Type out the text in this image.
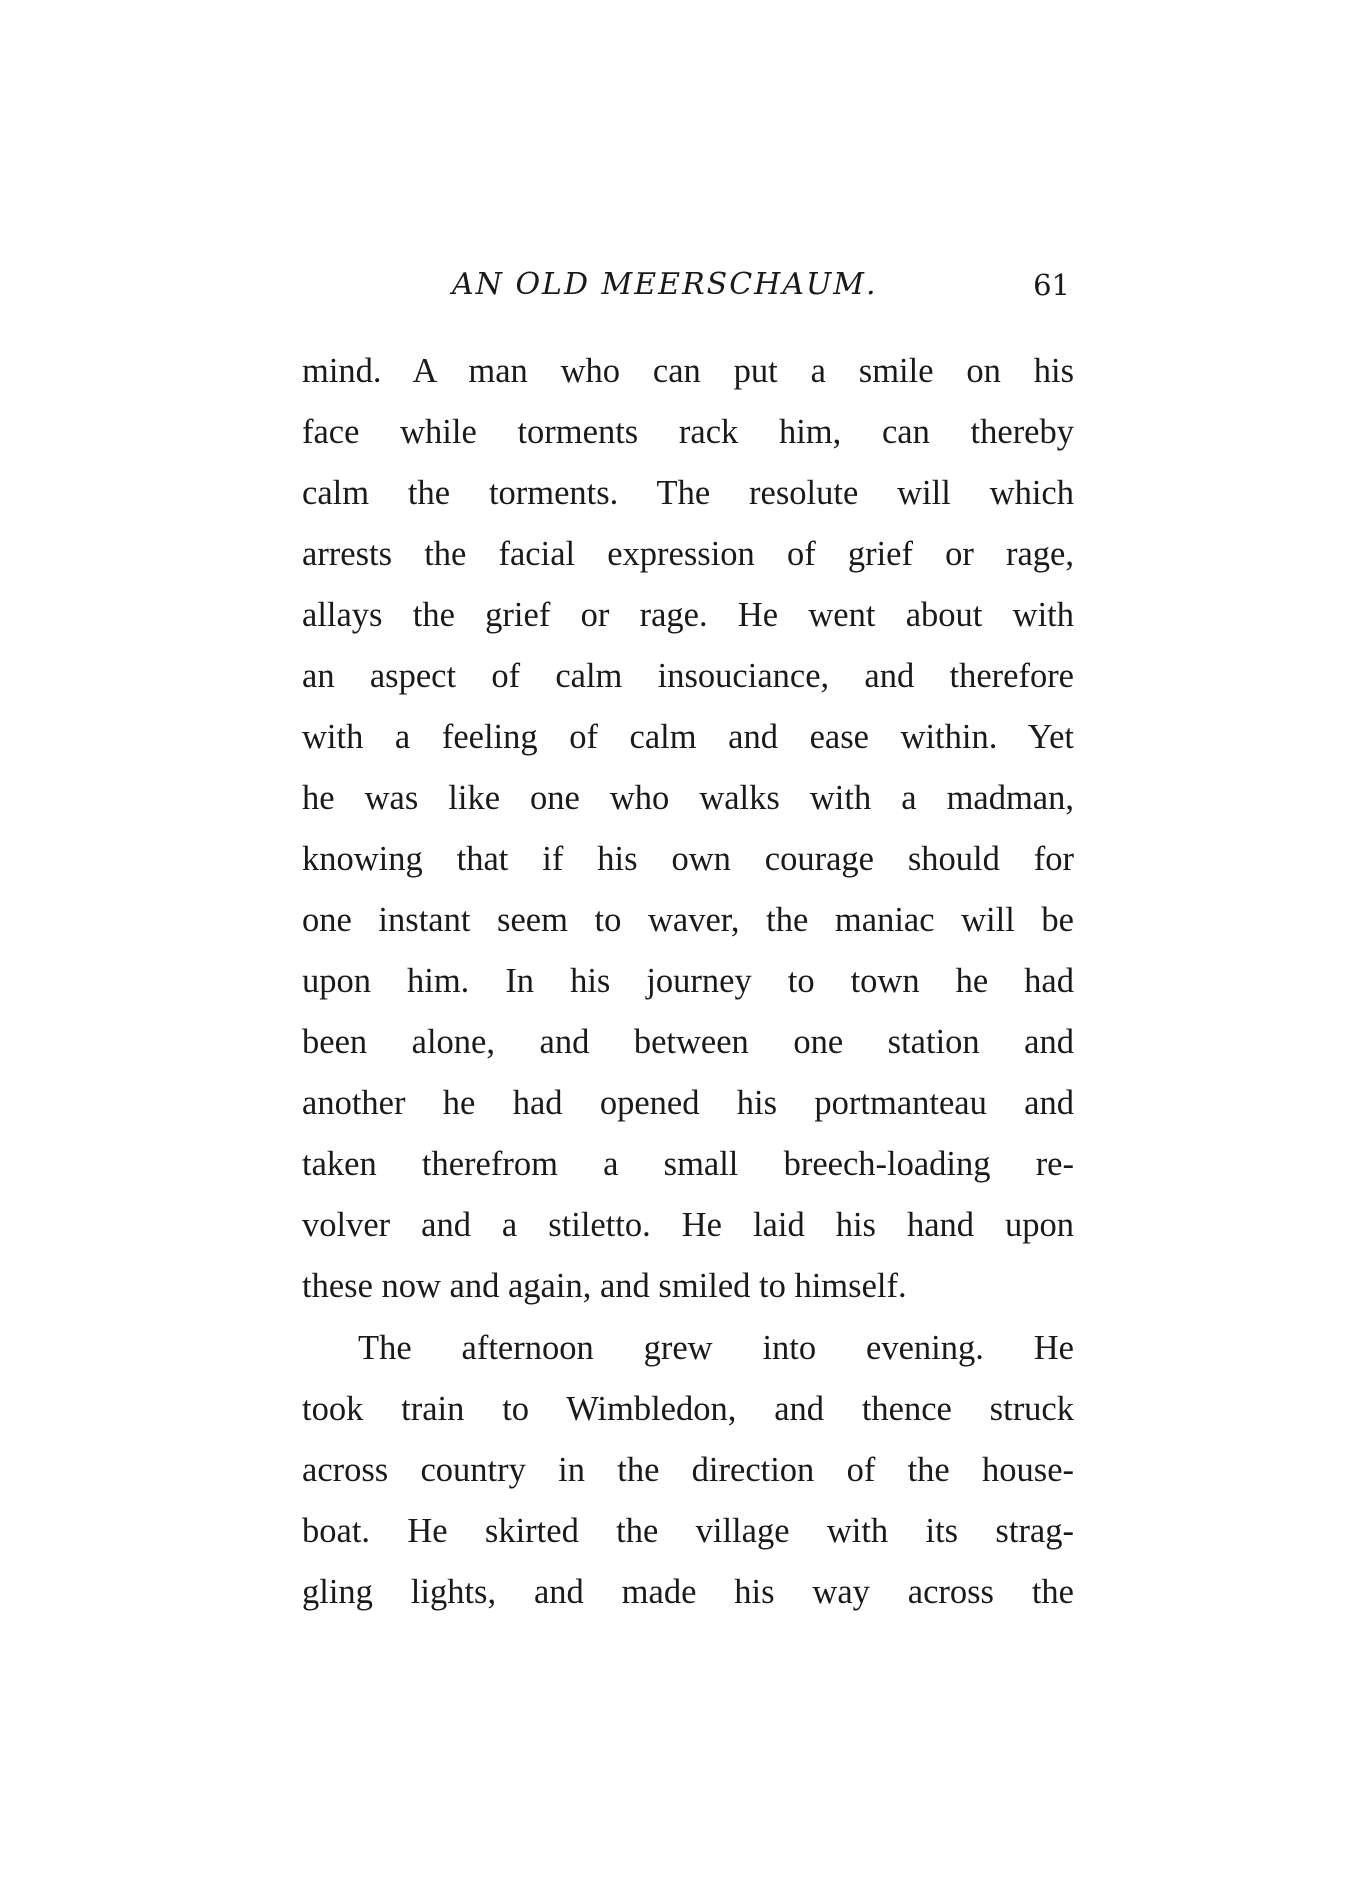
AN OLD MEERSCHAUM.	61
mind. A man who can put a smile on his
face while torments rack him, can thereby
calm the torments. The resolute will which
arrests the facial expression of grief or rage,
allays the grief or rage. He went about with
an aspect of calm insouciance, and therefore
with a feeling of calm and ease within. Yet
he was like one who walks with a madman,
knowing that if his own courage should for
one instant seem to waver, the maniac will be
upon him. In his journey to town he had
been alone, and between one station and
another he had opened his portmanteau and
taken therefrom a small breech-loading re-
volver and a stiletto. He laid his hand upon
these now and again, and smiled to himself.
The afternoon grew into evening. He
took train to Wimbledon, and thence struck
across country in the direction of the house-
boat. He skirted the village with its strag-
gling lights, and made his way across the
